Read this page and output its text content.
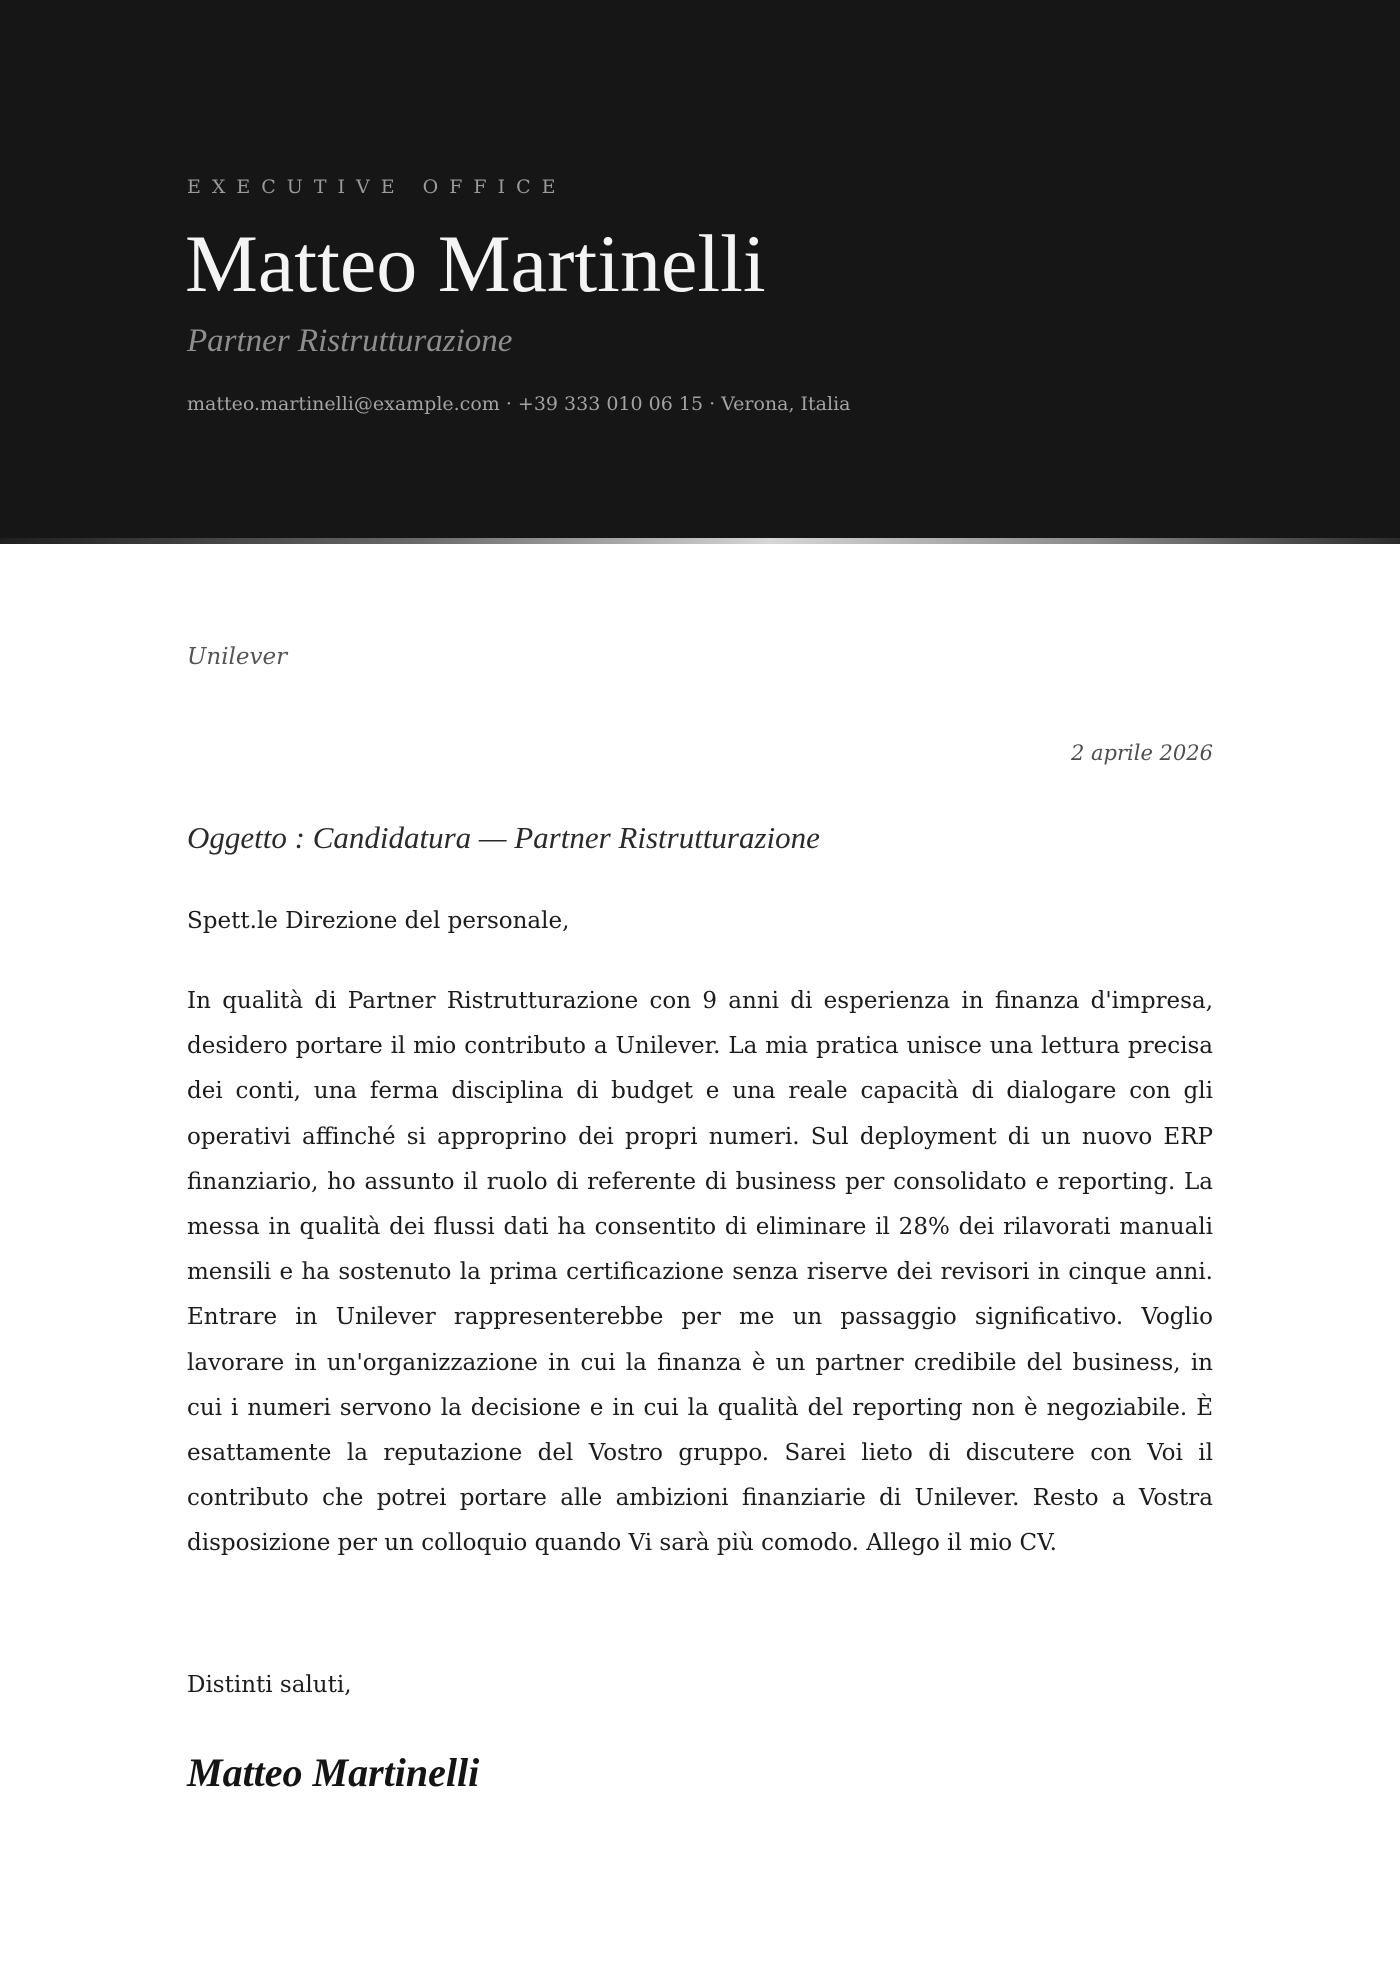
EXECUTIVE OFFICE
Matteo Martinelli
Partner Ristrutturazione
matteo.martinelli@example.com · +39 333 010 06 15 · Verona, Italia
Unilever
2 aprile 2026
Oggetto : Candidatura — Partner Ristrutturazione
Spett.le Direzione del personale,

In qualità di Partner Ristrutturazione con 9 anni di esperienza in finanza d'impresa, desidero portare il mio contributo a Unilever. La mia pratica unisce una lettura precisa dei conti, una ferma disciplina di budget e una reale capacità di dialogare con gli operativi affinché si approprino dei propri numeri. Sul deployment di un nuovo ERP finanziario, ho assunto il ruolo di referente di business per consolidato e reporting. La messa in qualità dei flussi dati ha consentito di eliminare il 28% dei rilavorati manuali mensili e ha sostenuto la prima certificazione senza riserve dei revisori in cinque anni. Entrare in Unilever rappresenterebbe per me un passaggio significativo. Voglio lavorare in un'organizzazione in cui la finanza è un partner credibile del business, in cui i numeri servono la decisione e in cui la qualità del reporting non è negoziabile. È esattamente la reputazione del Vostro gruppo. Sarei lieto di discutere con Voi il contributo che potrei portare alle ambizioni finanziarie di Unilever. Resto a Vostra disposizione per un colloquio quando Vi sarà più comodo. Allego il mio CV.

Distinti saluti,
Matteo Martinelli
